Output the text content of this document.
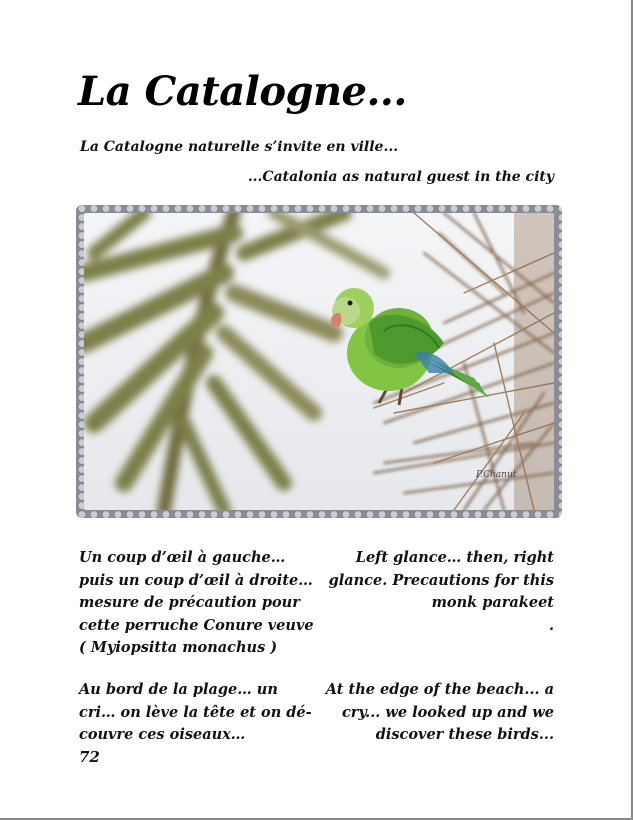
La Catalogne...
La Catalogne naturelle s’invite en ville...
...Catalonia as natural guest in the city
P.Chanut
Un coup d’œil à gauche…
puis un coup d’œil à droite…
mesure de précaution pour
cette perruche Conure veuve
( Myiopsitta monachus )
Left glance… then, right
glance. Precautions for this
monk parakeet
.
Au bord de la plage… un
cri… on lève la tête et on dé-
couvre ces oiseaux…
At the edge of the beach... a
cry... we looked up and we
discover these birds...
72
